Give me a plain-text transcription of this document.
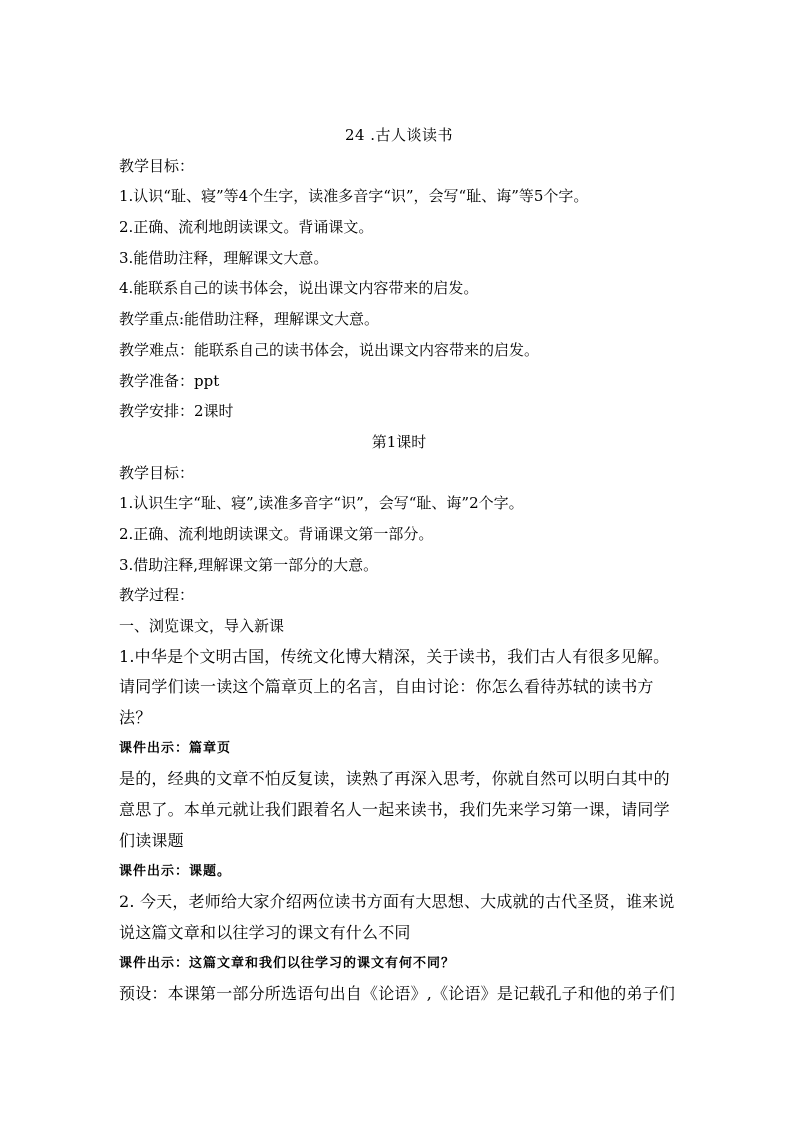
24 .古人谈读书
教学目标：
1.认识“耻、寝”等4个生字，读准多音字“识”，会写“耻、诲”等5个字。
2.正确、流利地朗读课文。背诵课文。
3.能借助注释，理解课文大意。
4.能联系自己的读书体会，说出课文内容带来的启发。
教学重点:能借助注释，理解课文大意。
教学难点：能联系自己的读书体会，说出课文内容带来的启发。
教学准备：ppt
教学安排：2课时
第1课时
教学目标：
1.认识生字“耻、寝”,读准多音字“识”，会写“耻、诲”2个字。
2.正确、流利地朗读课文。背诵课文第一部分。
3.借助注释,理解课文第一部分的大意。
教学过程：
一、浏览课文，导入新课
1.中华是个文明古国，传统文化博大精深，关于读书，我们古人有很多见解。
请同学们读一读这个篇章页上的名言，自由讨论：你怎么看待苏轼的读书方
法？
课件出示：篇章页
是的，经典的文章不怕反复读，读熟了再深入思考，你就自然可以明白其中的
意思了。本单元就让我们跟着名人一起来读书，我们先来学习第一课，请同学
们读课题
课件出示：课题。
2. 今天，老师给大家介绍两位读书方面有大思想、大成就的古代圣贤，谁来说
说这篇文章和以往学习的课文有什么不同
课件出示：这篇文章和我们以往学习的课文有何不同？
预设：本课第一部分所选语句出自《论语》,《论语》是记载孔子和他的弟子们
